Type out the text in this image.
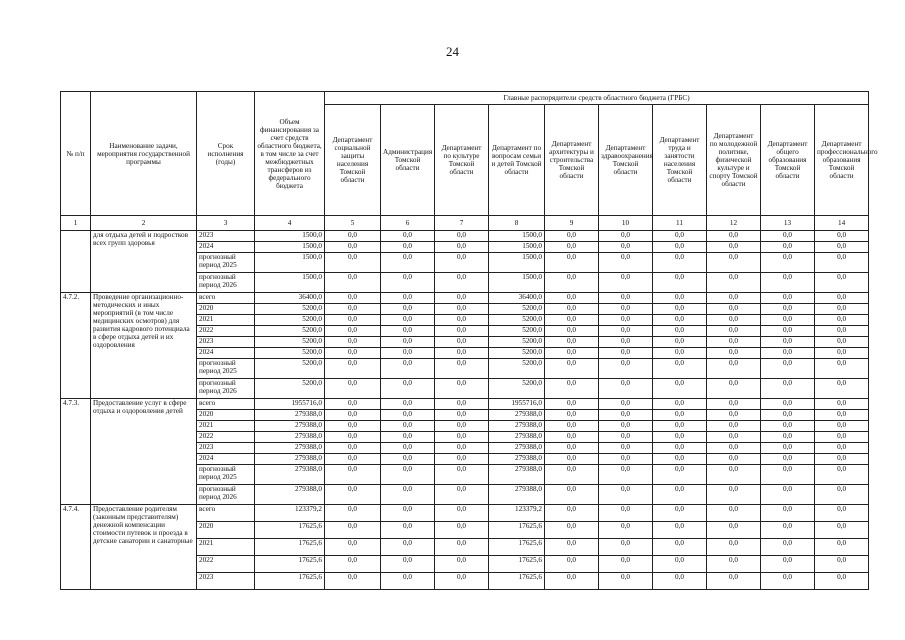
24
№ п/п	Наименование задачи, мероприятия государственной программы	Срок исполнения (годы)	Объем финансирования за счет средств областного бюджета, в том числе за счет межбюджетных трансферов из федерального бюджета	Главные распорядители средств областного бюджета (ГРБС)									
				Департамент социальной защиты населения Томской области	Администрация Томской области	Департамент по культуре Томской области	Департамент по вопросам семьи и детей Томской области	Департамент архитектуры и строительства Томской области	Департамент здравоохранения Томской области	Департамент труда и занятости населения Томской области	Департамент по молодежной политике, физической культуре и спорту Томской области	Департамент общего образования Томской области	Департамент профессионального образования Томской области
1	2	3	4	5	6	7	8	9	10	11	12	13	14
	для отдыха детей и подростков всех групп здоровья	2023	1500,0	0,0	0,0	0,0	1500,0	0,0	0,0	0,0	0,0	0,0	0,0
		2024	1500,0	0,0	0,0	0,0	1500,0	0,0	0,0	0,0	0,0	0,0	0,0
		прогнозный период 2025	1500,0	0,0	0,0	0,0	1500,0	0,0	0,0	0,0	0,0	0,0	0,0
		прогнозный период 2026	1500,0	0,0	0,0	0,0	1500,0	0,0	0,0	0,0	0,0	0,0	0,0
4.7.2.	Проведение организационно-методических и иных мероприятий (в том числе медицинских осмотров) для развития кадрового потенциала в сфере отдыха детей и их оздоровления	всего	36400,0	0,0	0,0	0,0	36400,0	0,0	0,0	0,0	0,0	0,0	0,0
		2020	5200,0	0,0	0,0	0,0	5200,0	0,0	0,0	0,0	0,0	0,0	0,0
		2021	5200,0	0,0	0,0	0,0	5200,0	0,0	0,0	0,0	0,0	0,0	0,0
		2022	5200,0	0,0	0,0	0,0	5200,0	0,0	0,0	0,0	0,0	0,0	0,0
		2023	5200,0	0,0	0,0	0,0	5200,0	0,0	0,0	0,0	0,0	0,0	0,0
		2024	5200,0	0,0	0,0	0,0	5200,0	0,0	0,0	0,0	0,0	0,0	0,0
		прогнозный период 2025	5200,0	0,0	0,0	0,0	5200,0	0,0	0,0	0,0	0,0	0,0	0,0
		прогнозный период 2026	5200,0	0,0	0,0	0,0	5200,0	0,0	0,0	0,0	0,0	0,0	0,0
4.7.3.	Предоставление услуг в сфере отдыха и оздоровления детей	всего	1955716,0	0,0	0,0	0,0	1955716,0	0,0	0,0	0,0	0,0	0,0	0,0
		2020	279388,0	0,0	0,0	0,0	279388,0	0,0	0,0	0,0	0,0	0,0	0,0
		2021	279388,0	0,0	0,0	0,0	279388,0	0,0	0,0	0,0	0,0	0,0	0,0
		2022	279388,0	0,0	0,0	0,0	279388,0	0,0	0,0	0,0	0,0	0,0	0,0
		2023	279388,0	0,0	0,0	0,0	279388,0	0,0	0,0	0,0	0,0	0,0	0,0
		2024	279388,0	0,0	0,0	0,0	279388,0	0,0	0,0	0,0	0,0	0,0	0,0
		прогнозный период 2025	279388,0	0,0	0,0	0,0	279388,0	0,0	0,0	0,0	0,0	0,0	0,0
		прогнозный период 2026	279388,0	0,0	0,0	0,0	279388,0	0,0	0,0	0,0	0,0	0,0	0,0
4.7.4.	Предоставление родителям (законным представителям) денежной компенсации стоимости путевок и проезда в детские санатории и санаторные	всего	123379,2	0,0	0,0	0,0	123379,2	0,0	0,0	0,0	0,0	0,0	0,0
		2020	17625,6	0,0	0,0	0,0	17625,6	0,0	0,0	0,0	0,0	0,0	0,0
		2021	17625,6	0,0	0,0	0,0	17625,6	0,0	0,0	0,0	0,0	0,0	0,0
		2022	17625,6	0,0	0,0	0,0	17625,6	0,0	0,0	0,0	0,0	0,0	0,0
		2023	17625,6	0,0	0,0	0,0	17625,6	0,0	0,0	0,0	0,0	0,0	0,0
